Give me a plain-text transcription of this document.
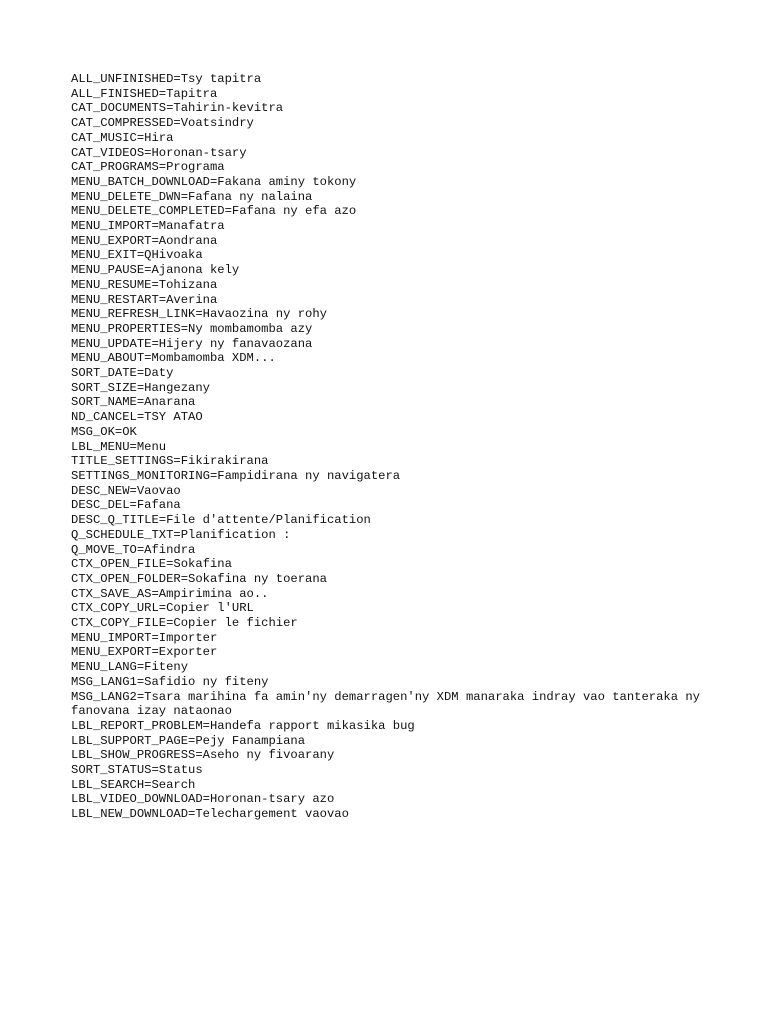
ALL_UNFINISHED=Tsy tapitra

ALL_FINISHED=Tapitra

CAT_DOCUMENTS=Tahirin-kevitra

CAT_COMPRESSED=Voatsindry

CAT_MUSIC=Hira

CAT_VIDEOS=Horonan-tsary

CAT_PROGRAMS=Programa

MENU_BATCH_DOWNLOAD=Fakana aminy tokony

MENU_DELETE_DWN=Fafana ny nalaina

MENU_DELETE_COMPLETED=Fafana ny efa azo

MENU_IMPORT=Manafatra

MENU_EXPORT=Aondrana

MENU_EXIT=QHivoaka

MENU_PAUSE=Ajanona kely

MENU_RESUME=Tohizana

MENU_RESTART=Averina

MENU_REFRESH_LINK=Havaozina ny rohy

MENU_PROPERTIES=Ny mombamomba azy

MENU_UPDATE=Hijery ny fanavaozana

MENU_ABOUT=Mombamomba XDM...

SORT_DATE=Daty

SORT_SIZE=Hangezany

SORT_NAME=Anarana

ND_CANCEL=TSY ATAO

MSG_OK=OK

LBL_MENU=Menu

TITLE_SETTINGS=Fikirakirana

SETTINGS_MONITORING=Fampidirana ny navigatera

DESC_NEW=Vaovao

DESC_DEL=Fafana

DESC_Q_TITLE=File d'attente/Planification

Q_SCHEDULE_TXT=Planification :

Q_MOVE_TO=Afindra

CTX_OPEN_FILE=Sokafina

CTX_OPEN_FOLDER=Sokafina ny toerana

CTX_SAVE_AS=Ampirimina ao..

CTX_COPY_URL=Copier l'URL

CTX_COPY_FILE=Copier le fichier

MENU_IMPORT=Importer

MENU_EXPORT=Exporter

MENU_LANG=Fiteny

MSG_LANG1=Safidio ny fiteny

MSG_LANG2=Tsara marihina fa amin'ny demarragen'ny XDM manaraka indray vao tanteraka ny fanovana izay nataonao

LBL_REPORT_PROBLEM=Handefa rapport mikasika bug

LBL_SUPPORT_PAGE=Pejy Fanampiana

LBL_SHOW_PROGRESS=Aseho ny fivoarany

SORT_STATUS=Status

LBL_SEARCH=Search

LBL_VIDEO_DOWNLOAD=Horonan-tsary azo

LBL_NEW_DOWNLOAD=Telechargement vaovao
